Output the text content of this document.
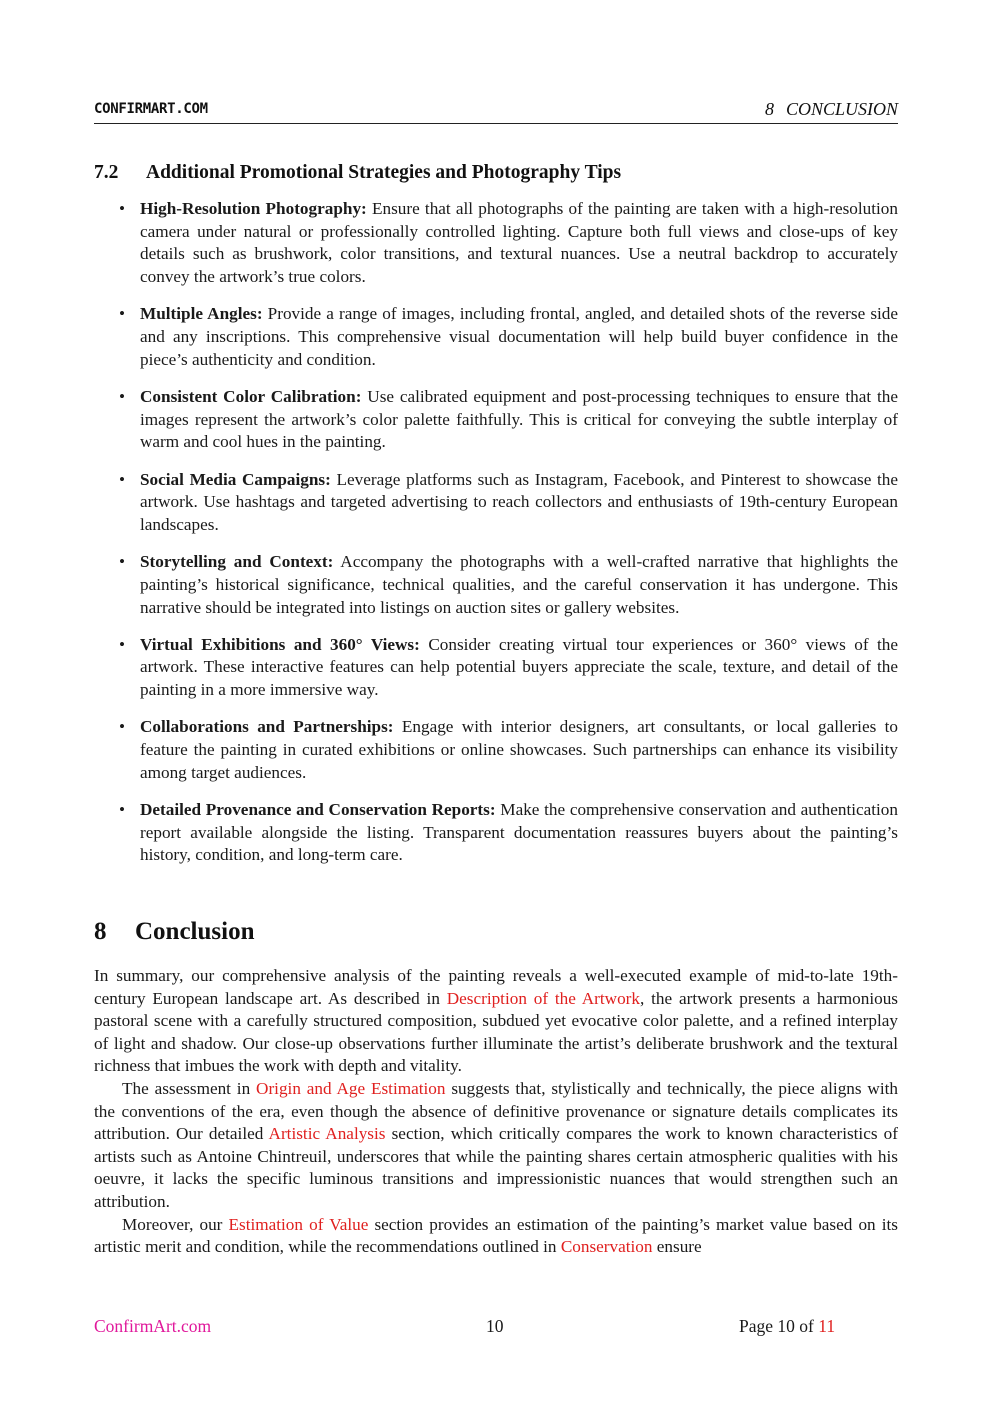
CONFIRMART.COM	8 CONCLUSION
7.2 Additional Promotional Strategies and Photography Tips
• High-Resolution Photography: Ensure that all photographs of the painting are taken with a high-resolution camera under natural or professionally controlled lighting. Capture both full views and close-ups of key details such as brushwork, color transitions, and textural nuances. Use a neutral backdrop to accurately convey the artwork’s true colors.
• Multiple Angles: Provide a range of images, including frontal, angled, and detailed shots of the reverse side and any inscriptions. This comprehensive visual documentation will help build buyer confidence in the piece’s authenticity and condition.
• Consistent Color Calibration: Use calibrated equipment and post-processing techniques to ensure that the images represent the artwork’s color palette faithfully. This is critical for conveying the subtle interplay of warm and cool hues in the painting.
• Social Media Campaigns: Leverage platforms such as Instagram, Facebook, and Pinterest to showcase the artwork. Use hashtags and targeted advertising to reach collectors and enthusiasts of 19th-century European landscapes.
• Storytelling and Context: Accompany the photographs with a well-crafted narrative that highlights the painting’s historical significance, technical qualities, and the careful conservation it has undergone. This narrative should be integrated into listings on auction sites or gallery websites.
• Virtual Exhibitions and 360° Views: Consider creating virtual tour experiences or 360° views of the artwork. These interactive features can help potential buyers appreciate the scale, texture, and detail of the painting in a more immersive way.
• Collaborations and Partnerships: Engage with interior designers, art consultants, or local galleries to feature the painting in curated exhibitions or online showcases. Such partnerships can enhance its visibility among target audiences.
• Detailed Provenance and Conservation Reports: Make the comprehensive conservation and authentication report available alongside the listing. Transparent documentation reassures buyers about the painting’s history, condition, and long-term care.
8 Conclusion

In summary, our comprehensive analysis of the painting reveals a well-executed example of mid-to-late 19th-century European landscape art. As described in Description of the Artwork, the artwork presents a harmonious pastoral scene with a carefully structured composition, subdued yet evocative color palette, and a refined interplay of light and shadow. Our close-up observations further illuminate the artist’s deliberate brushwork and the textural richness that imbues the work with depth and vitality.

The assessment in Origin and Age Estimation suggests that, stylistically and technically, the piece aligns with the conventions of the era, even though the absence of definitive provenance or signature details complicates its attribution. Our detailed Artistic Analysis section, which critically compares the work to known characteristics of artists such as Antoine Chintreuil, underscores that while the painting shares certain atmospheric qualities with his oeuvre, it lacks the specific luminous transitions and impressionistic nuances that would strengthen such an attribution.

Moreover, our Estimation of Value section provides an estimation of the painting’s market value based on its artistic merit and condition, while the recommendations outlined in Conservation ensure

ConfirmArt.com	10	Page 10 of 11
